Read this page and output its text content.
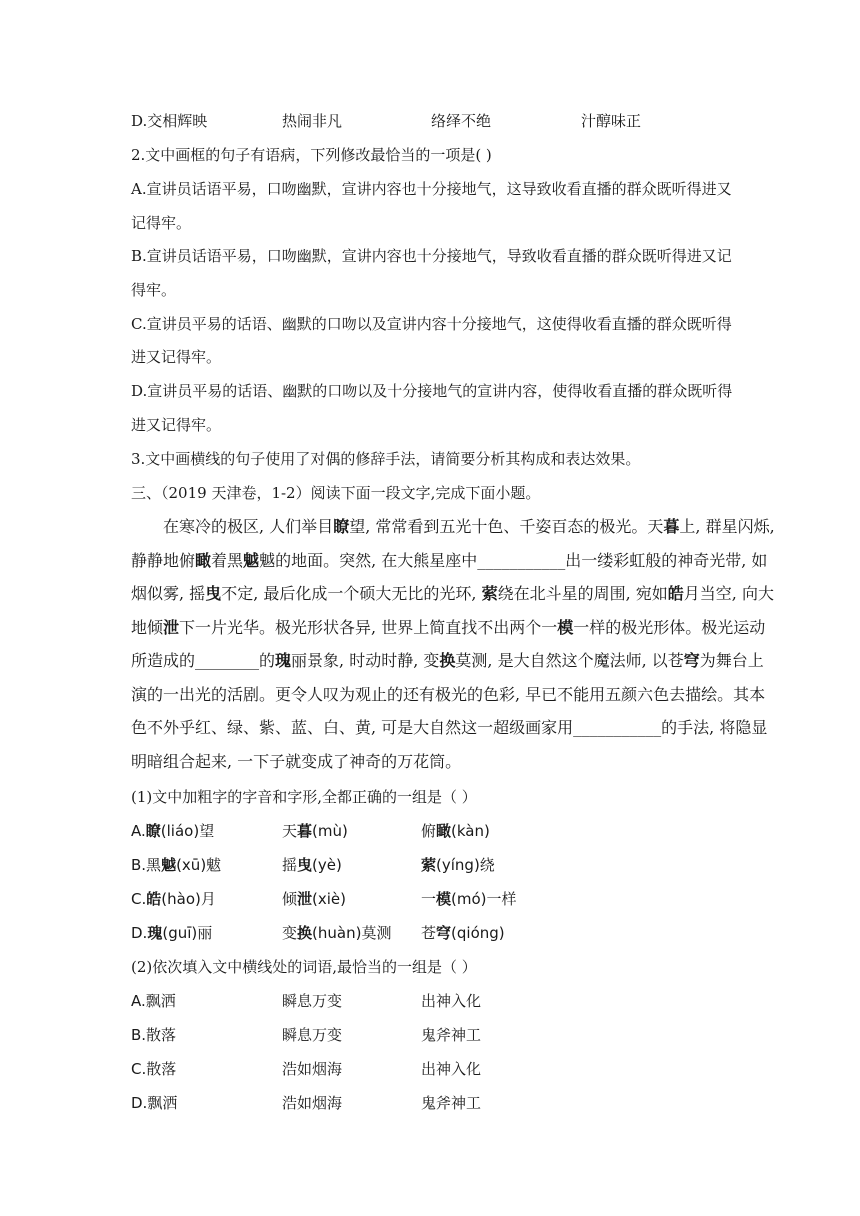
D.交相辉映	热闹非凡	络绎不绝	汁醇味正
2.文中画框的句子有语病，下列修改最恰当的一项是( )
A.宣讲员话语平易，口吻幽默，宣讲内容也十分接地气，这导致收看直播的群众既听得进又
记得牢。
B.宣讲员话语平易，口吻幽默，宣讲内容也十分接地气，导致收看直播的群众既听得进又记
得牢。
C.宣讲员平易的话语、幽默的口吻以及宣讲内容十分接地气，这使得收看直播的群众既听得
进又记得牢。
D.宣讲员平易的话语、幽默的口吻以及十分接地气的宣讲内容，使得收看直播的群众既听得
进又记得牢。
3.文中画横线的句子使用了对偶的修辞手法，请简要分析其构成和表达效果。
三、（2019 天津卷，1-2）阅读下面一段文字,完成下面小题。

在寒冷的极区, 人们举目瞭望, 常常看到五光十色、千姿百态的极光。天暮上, 群星闪烁,

静静地俯瞰着黑魆魆的地面。突然, 在大熊星座中___________出一缕彩虹般的神奇光带, 如

烟似雾, 摇曳不定, 最后化成一个硕大无比的光环, 萦绕在北斗星的周围, 宛如皓月当空, 向大

地倾泄下一片光华。极光形状各异, 世界上简直找不出两个一模一样的极光形体。极光运动

所造成的________的瑰丽景象, 时动时静, 变换莫测, 是大自然这个魔法师, 以苍穹为舞台上

演的一出光的活剧。更令人叹为观止的还有极光的色彩, 早已不能用五颜六色去描绘。其本

色不外乎红、绿、紫、蓝、白、黄, 可是大自然这一超级画家用___________的手法, 将隐显

明暗组合起来, 一下子就变成了神奇的万花筒。

(1)文中加粗字的字音和字形,全都正确的一组是（ ）
A.瞭(liáo)望	天暮(mù)	俯瞰(kàn)
B.黑魆(xū)魃	摇曳(yè)	萦(yíng)绕
C.皓(hào)月	倾泄(xiè)	一模(mó)一样
D.瑰(guī)丽	变换(huàn)莫测 苍穹(qióng)
(2)依次填入文中横线处的词语,最恰当的一组是（ ）
A.飘洒	瞬息万变	出神入化
B.散落	瞬息万变	鬼斧神工
C.散落	浩如烟海	出神入化
D.飘洒	浩如烟海	鬼斧神工
